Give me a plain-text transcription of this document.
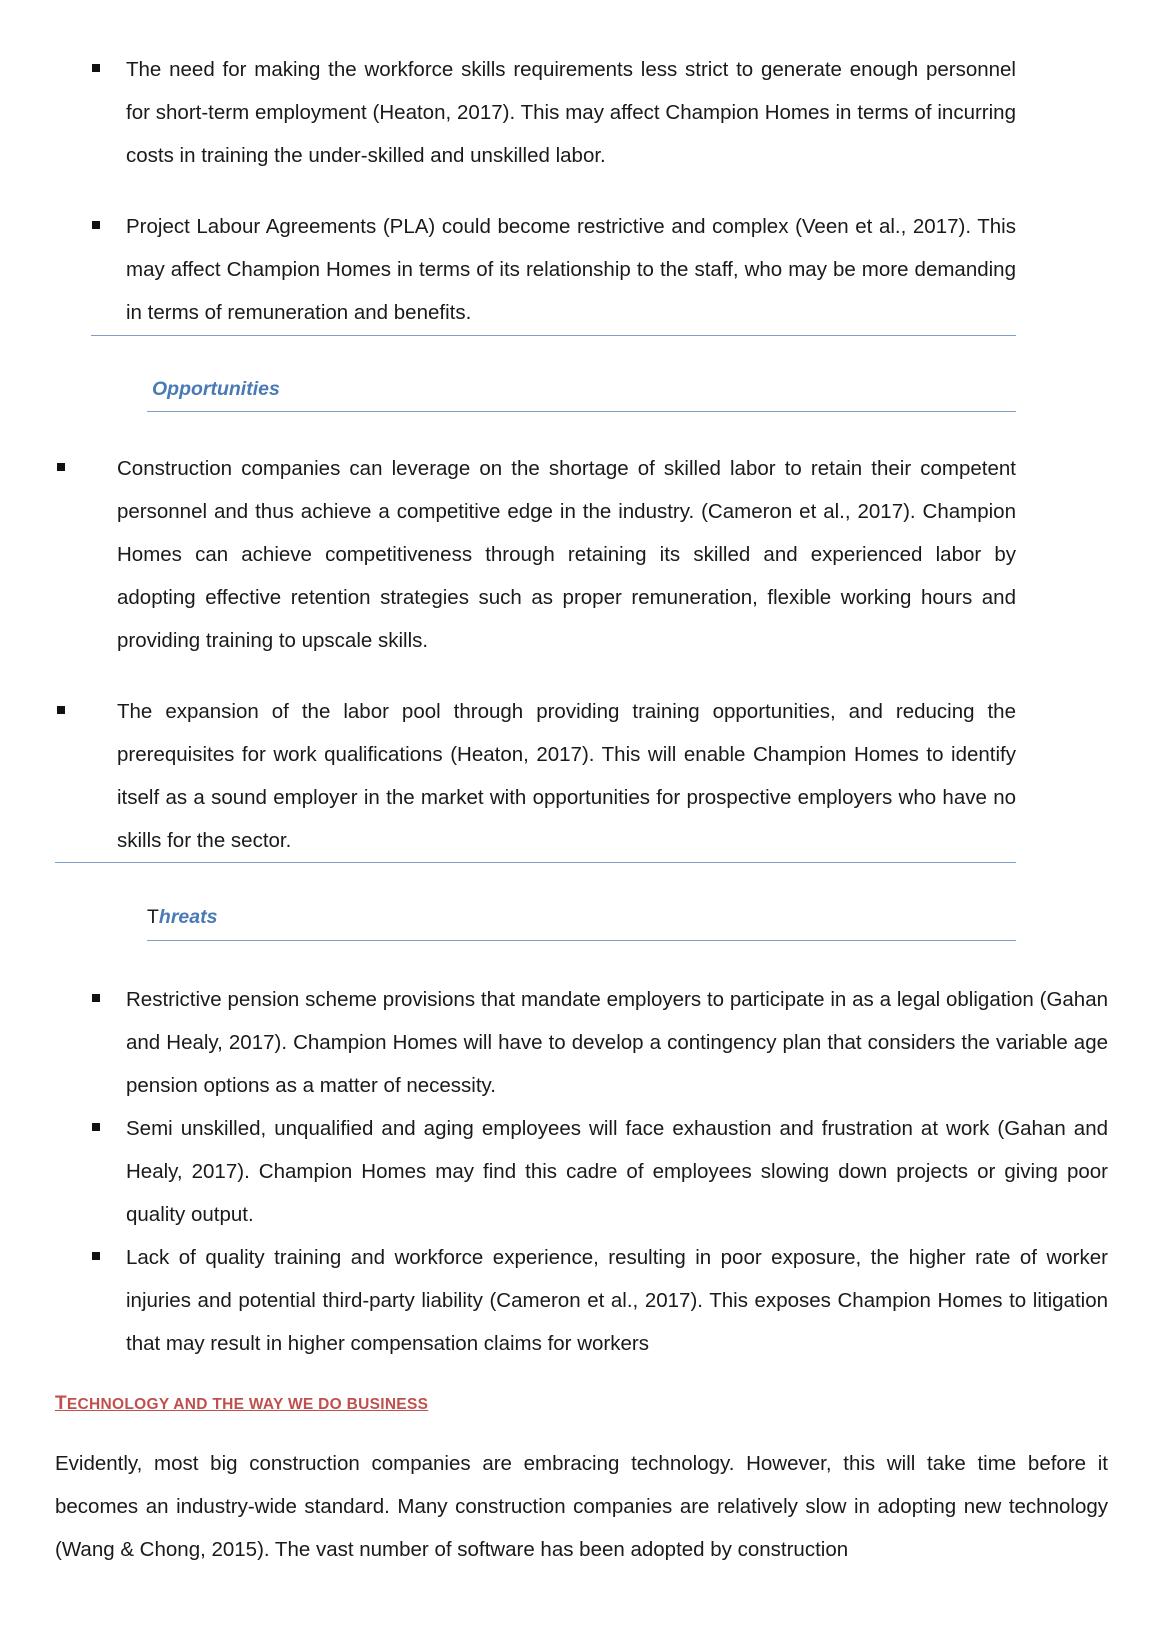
The need for making the workforce skills requirements less strict to generate enough personnel for short-term employment (Heaton, 2017). This may affect Champion Homes in terms of incurring costs in training the under-skilled and unskilled labor.
Project Labour Agreements (PLA) could become restrictive and complex (Veen et al., 2017). This may affect Champion Homes in terms of its relationship to the staff, who may be more demanding in terms of remuneration and benefits.
Opportunities
Construction companies can leverage on the shortage of skilled labor to retain their competent personnel and thus achieve a competitive edge in the industry. (Cameron et al., 2017). Champion Homes can achieve competitiveness through retaining its skilled and experienced labor by adopting effective retention strategies such as proper remuneration, flexible working hours and providing training to upscale skills.
The expansion of the labor pool through providing training opportunities, and reducing the prerequisites for work qualifications (Heaton, 2017). This will enable Champion Homes to identify itself as a sound employer in the market with opportunities for prospective employers who have no skills for the sector.
Threats
Restrictive pension scheme provisions that mandate employers to participate in as a legal obligation (Gahan and Healy, 2017). Champion Homes will have to develop a contingency plan that considers the variable age pension options as a matter of necessity.
Semi unskilled, unqualified and aging employees will face exhaustion and frustration at work (Gahan and Healy, 2017). Champion Homes may find this cadre of employees slowing down projects or giving poor quality output.
Lack of quality training and workforce experience, resulting in poor exposure, the higher rate of worker injuries and potential third-party liability (Cameron et al., 2017). This exposes Champion Homes to litigation that may result in higher compensation claims for workers
TECHNOLOGY AND THE WAY WE DO BUSINESS
Evidently, most big construction companies are embracing technology. However, this will take time before it becomes an industry-wide standard. Many construction companies are relatively slow in adopting new technology (Wang & Chong, 2015). The vast number of software has been adopted by construction
